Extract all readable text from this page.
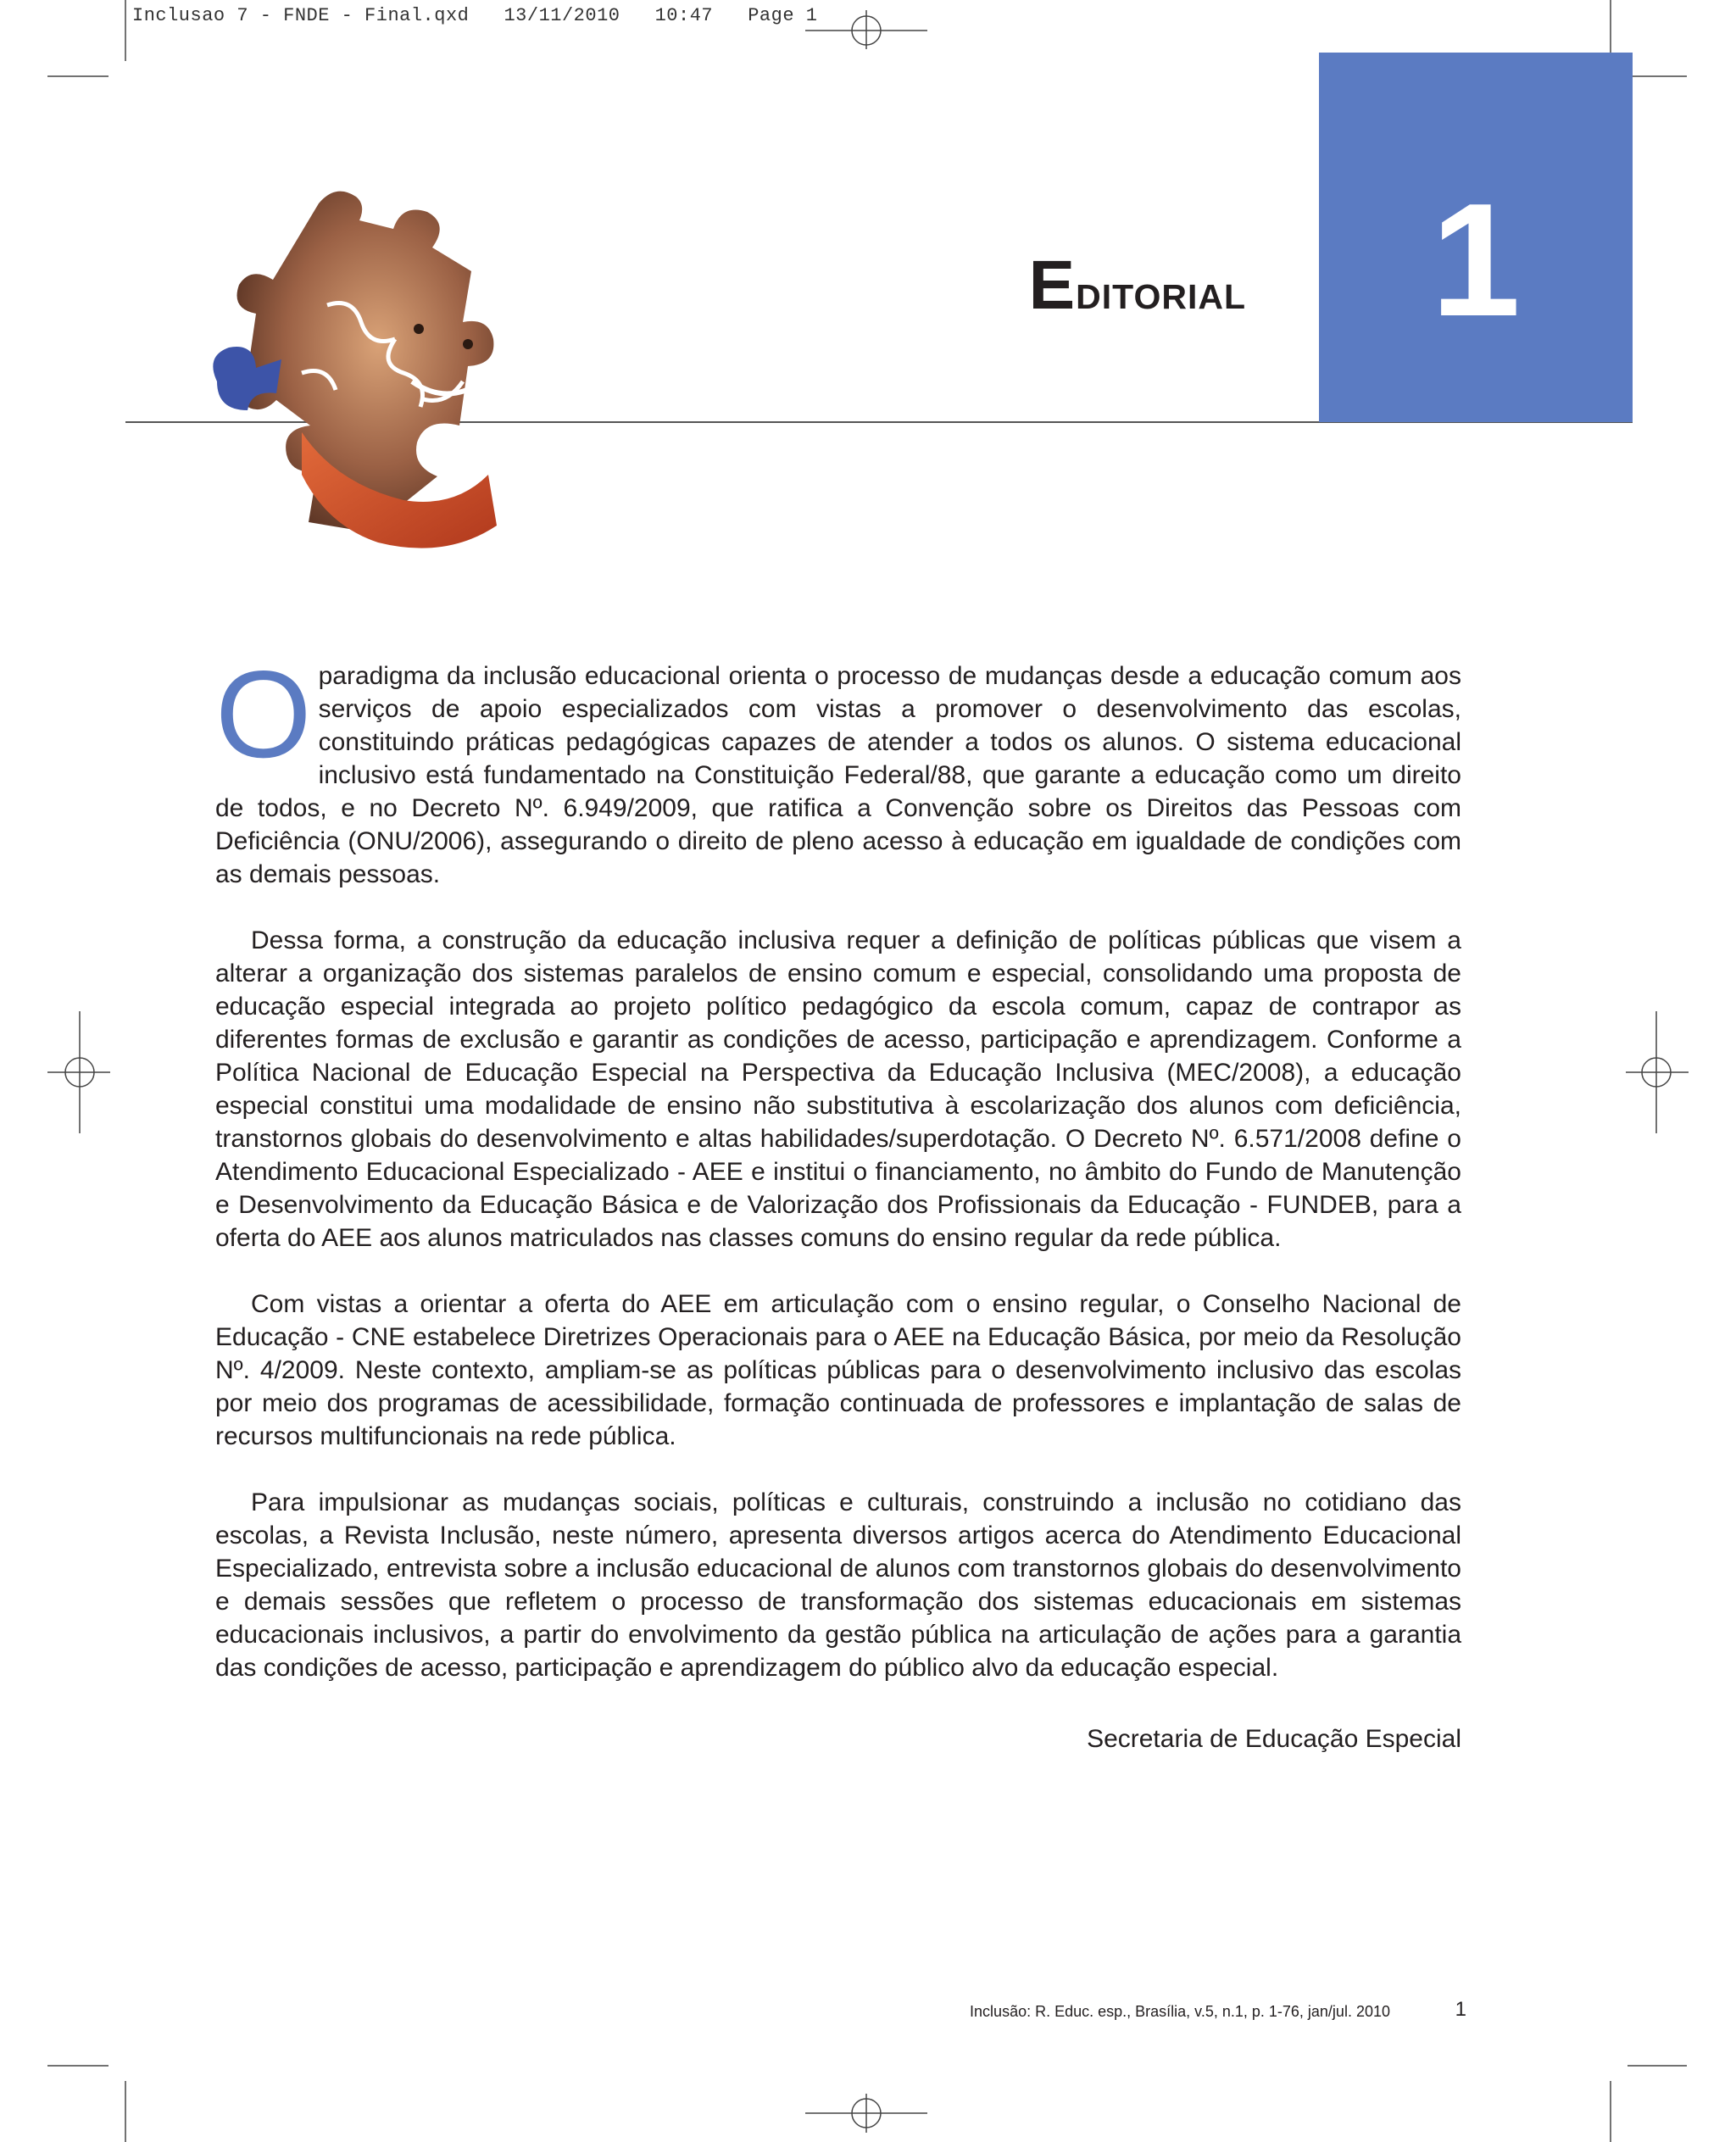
Inclusao 7 - FNDE - Final.qxd   13/11/2010   10:47   Page 1
1
Editorial

O paradigma da inclusão educacional orienta o processo de mudanças desde a educação comum aos serviços de apoio especializados com vistas a promover o desenvolvimento das escolas, constituindo práticas pedagógicas capazes de atender a todos os alunos. O sistema educacional inclusivo está fundamentado na Constituição Federal/88, que garante a educação como um direito de todos, e no Decreto Nº. 6.949/2009, que ratifica a Convenção sobre os Direitos das Pessoas com Deficiência (ONU/2006), assegurando o direito de pleno acesso à educação em igualdade de condições com as demais pessoas.

Dessa forma, a construção da educação inclusiva requer a definição de políticas públicas que visem a alterar a organização dos sistemas paralelos de ensino comum e especial, consolidando uma proposta de educação especial integrada ao projeto político pedagógico da escola comum, capaz de contrapor as diferentes formas de exclusão e garantir as condições de acesso, participação e aprendizagem. Conforme a Política Nacional de Educação Especial na Perspectiva da Educação Inclusiva (MEC/2008), a educação especial constitui uma modalidade de ensino não substitutiva à escolarização dos alunos com deficiência, transtornos globais do desenvolvimento e altas habilidades/superdotação. O Decreto Nº. 6.571/2008 define o Atendimento Educacional Especializado - AEE e institui o financiamento, no âmbito do Fundo de Manutenção e Desenvolvimento da Educação Básica e de Valorização dos Profissionais da Educação - FUNDEB, para a oferta do AEE aos alunos matriculados nas classes comuns do ensino regular da rede pública.

Com vistas a orientar a oferta do AEE em articulação com o ensino regular, o Conselho Nacional de Educação - CNE estabelece Diretrizes Operacionais para o AEE na Educação Básica, por meio da Resolução Nº. 4/2009. Neste contexto, ampliam-se as políticas públicas para o desenvolvimento inclusivo das escolas por meio dos programas de acessibilidade, formação continuada de professores e implantação de salas de recursos multifuncionais na rede pública.

Para impulsionar as mudanças sociais, políticas e culturais, construindo a inclusão no cotidiano das escolas, a Revista Inclusão, neste número, apresenta diversos artigos acerca do Atendimento Educacional Especializado, entrevista sobre a inclusão educacional de alunos com transtornos globais do desenvolvimento e demais sessões que refletem o processo de transformação dos sistemas educacionais em sistemas educacionais inclusivos, a partir do envolvimento da gestão pública na articulação de ações para a garantia das condições de acesso, participação e aprendizagem do público alvo da educação especial.

Secretaria de Educação Especial
Inclusão: R. Educ. esp., Brasília, v.5, n.1, p. 1-76, jan/jul. 2010	1
